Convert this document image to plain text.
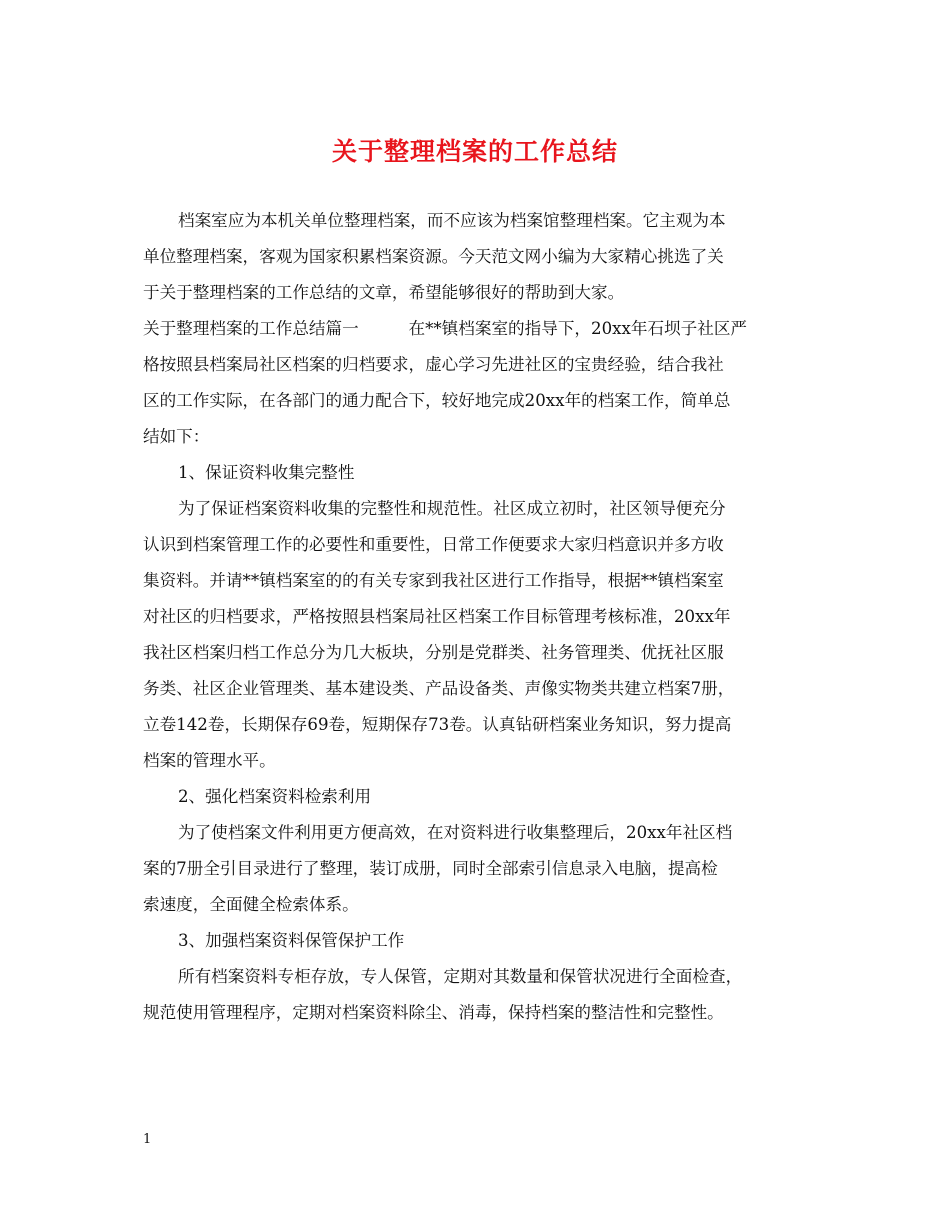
关于整理档案的工作总结
档案室应为本机关单位整理档案，而不应该为档案馆整理档案。它主观为本
单位整理档案，客观为国家积累档案资源。今天范文网小编为大家精心挑选了关
于关于整理档案的工作总结的文章，希望能够很好的帮助到大家。
关于整理档案的工作总结篇一　　　在**镇档案室的指导下，20xx年石坝子社区严
格按照县档案局社区档案的归档要求，虚心学习先进社区的宝贵经验，结合我社
区的工作实际，在各部门的通力配合下，较好地完成20xx年的档案工作，简单总
结如下：
1、保证资料收集完整性
为了保证档案资料收集的完整性和规范性。社区成立初时，社区领导便充分
认识到档案管理工作的必要性和重要性，日常工作便要求大家归档意识并多方收
集资料。并请**镇档案室的的有关专家到我社区进行工作指导，根据**镇档案室
对社区的归档要求，严格按照县档案局社区档案工作目标管理考核标准，20xx年
我社区档案归档工作总分为几大板块，分别是党群类、社务管理类、优抚社区服
务类、社区企业管理类、基本建设类、产品设备类、声像实物类共建立档案7册，
立卷142卷，长期保存69卷，短期保存73卷。认真钻研档案业务知识，努力提高
档案的管理水平。
2、强化档案资料检索利用
为了使档案文件利用更方便高效，在对资料进行收集整理后，20xx年社区档
案的7册全引目录进行了整理，装订成册，同时全部索引信息录入电脑，提高检
索速度，全面健全检索体系。
3、加强档案资料保管保护工作
所有档案资料专柜存放，专人保管，定期对其数量和保管状况进行全面检查，
规范使用管理程序，定期对档案资料除尘、消毒，保持档案的整洁性和完整性。
1
